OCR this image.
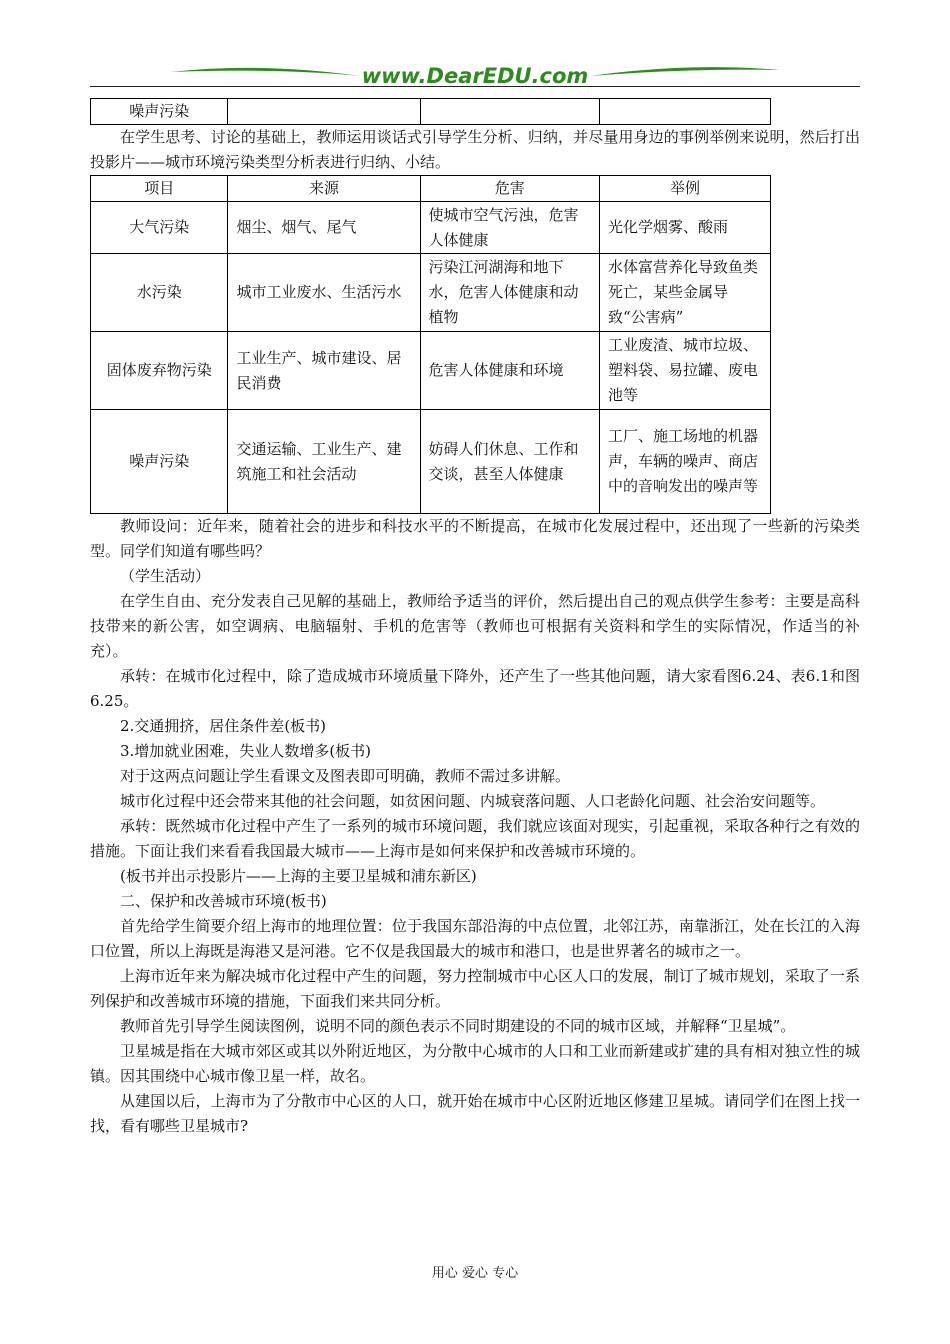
www.DearEDU.com
噪声污染			

在学生思考、讨论的基础上，教师运用谈话式引导学生分析、归纳，并尽量用身边的事例举例来说明，然后打出投影片——城市环境污染类型分析表进行归纳、小结。

项目	来源	危害	举例
大气污染	烟尘、烟气、尾气	使城市空气污浊，危害人体健康	光化学烟雾、酸雨
水污染	城市工业废水、生活污水	污染江河湖海和地下水，危害人体健康和动植物	水体富营养化导致鱼类死亡，某些金属导致“公害病”
固体废弃物污染	工业生产、城市建设、居民消费	危害人体健康和环境	工业废渣、城市垃圾、塑料袋、易拉罐、废电池等
噪声污染	交通运输、工业生产、建筑施工和社会活动	妨碍人们休息、工作和交谈，甚至人体健康	工厂、施工场地的机器声，车辆的噪声、商店中的音响发出的噪声等

教师设问：近年来，随着社会的进步和科技水平的不断提高，在城市化发展过程中，还出现了一些新的污染类型。同学们知道有哪些吗？

（学生活动）

在学生自由、充分发表自己见解的基础上，教师给予适当的评价，然后提出自己的观点供学生参考：主要是高科技带来的新公害，如空调病、电脑辐射、手机的危害等（教师也可根据有关资料和学生的实际情况，作适当的补充）。

承转：在城市化过程中，除了造成城市环境质量下降外，还产生了一些其他问题，请大家看图6.24、表6.1和图6.25。

2.交通拥挤，居住条件差(板书)

3.增加就业困难，失业人数增多(板书)

对于这两点问题让学生看课文及图表即可明确，教师不需过多讲解。

城市化过程中还会带来其他的社会问题，如贫困问题、内城衰落问题、人口老龄化问题、社会治安问题等。

承转：既然城市化过程中产生了一系列的城市环境问题，我们就应该面对现实，引起重视，采取各种行之有效的措施。下面让我们来看看我国最大城市——上海市是如何来保护和改善城市环境的。

(板书并出示投影片——上海的主要卫星城和浦东新区)

二、保护和改善城市环境(板书)

首先给学生简要介绍上海市的地理位置：位于我国东部沿海的中点位置，北邻江苏，南靠浙江，处在长江的入海口位置，所以上海既是海港又是河港。它不仅是我国最大的城市和港口，也是世界著名的城市之一。

上海市近年来为解决城市化过程中产生的问题，努力控制城市中心区人口的发展，制订了城市规划，采取了一系列保护和改善城市环境的措施，下面我们来共同分析。

教师首先引导学生阅读图例，说明不同的颜色表示不同时期建设的不同的城市区域，并解释“卫星城”。

卫星城是指在大城市郊区或其以外附近地区，为分散中心城市的人口和工业而新建或扩建的具有相对独立性的城镇。因其围绕中心城市像卫星一样，故名。

从建国以后，上海市为了分散市中心区的人口，就开始在城市中心区附近地区修建卫星城。请同学们在图上找一找，看有哪些卫星城市?

用心 爱心 专心
